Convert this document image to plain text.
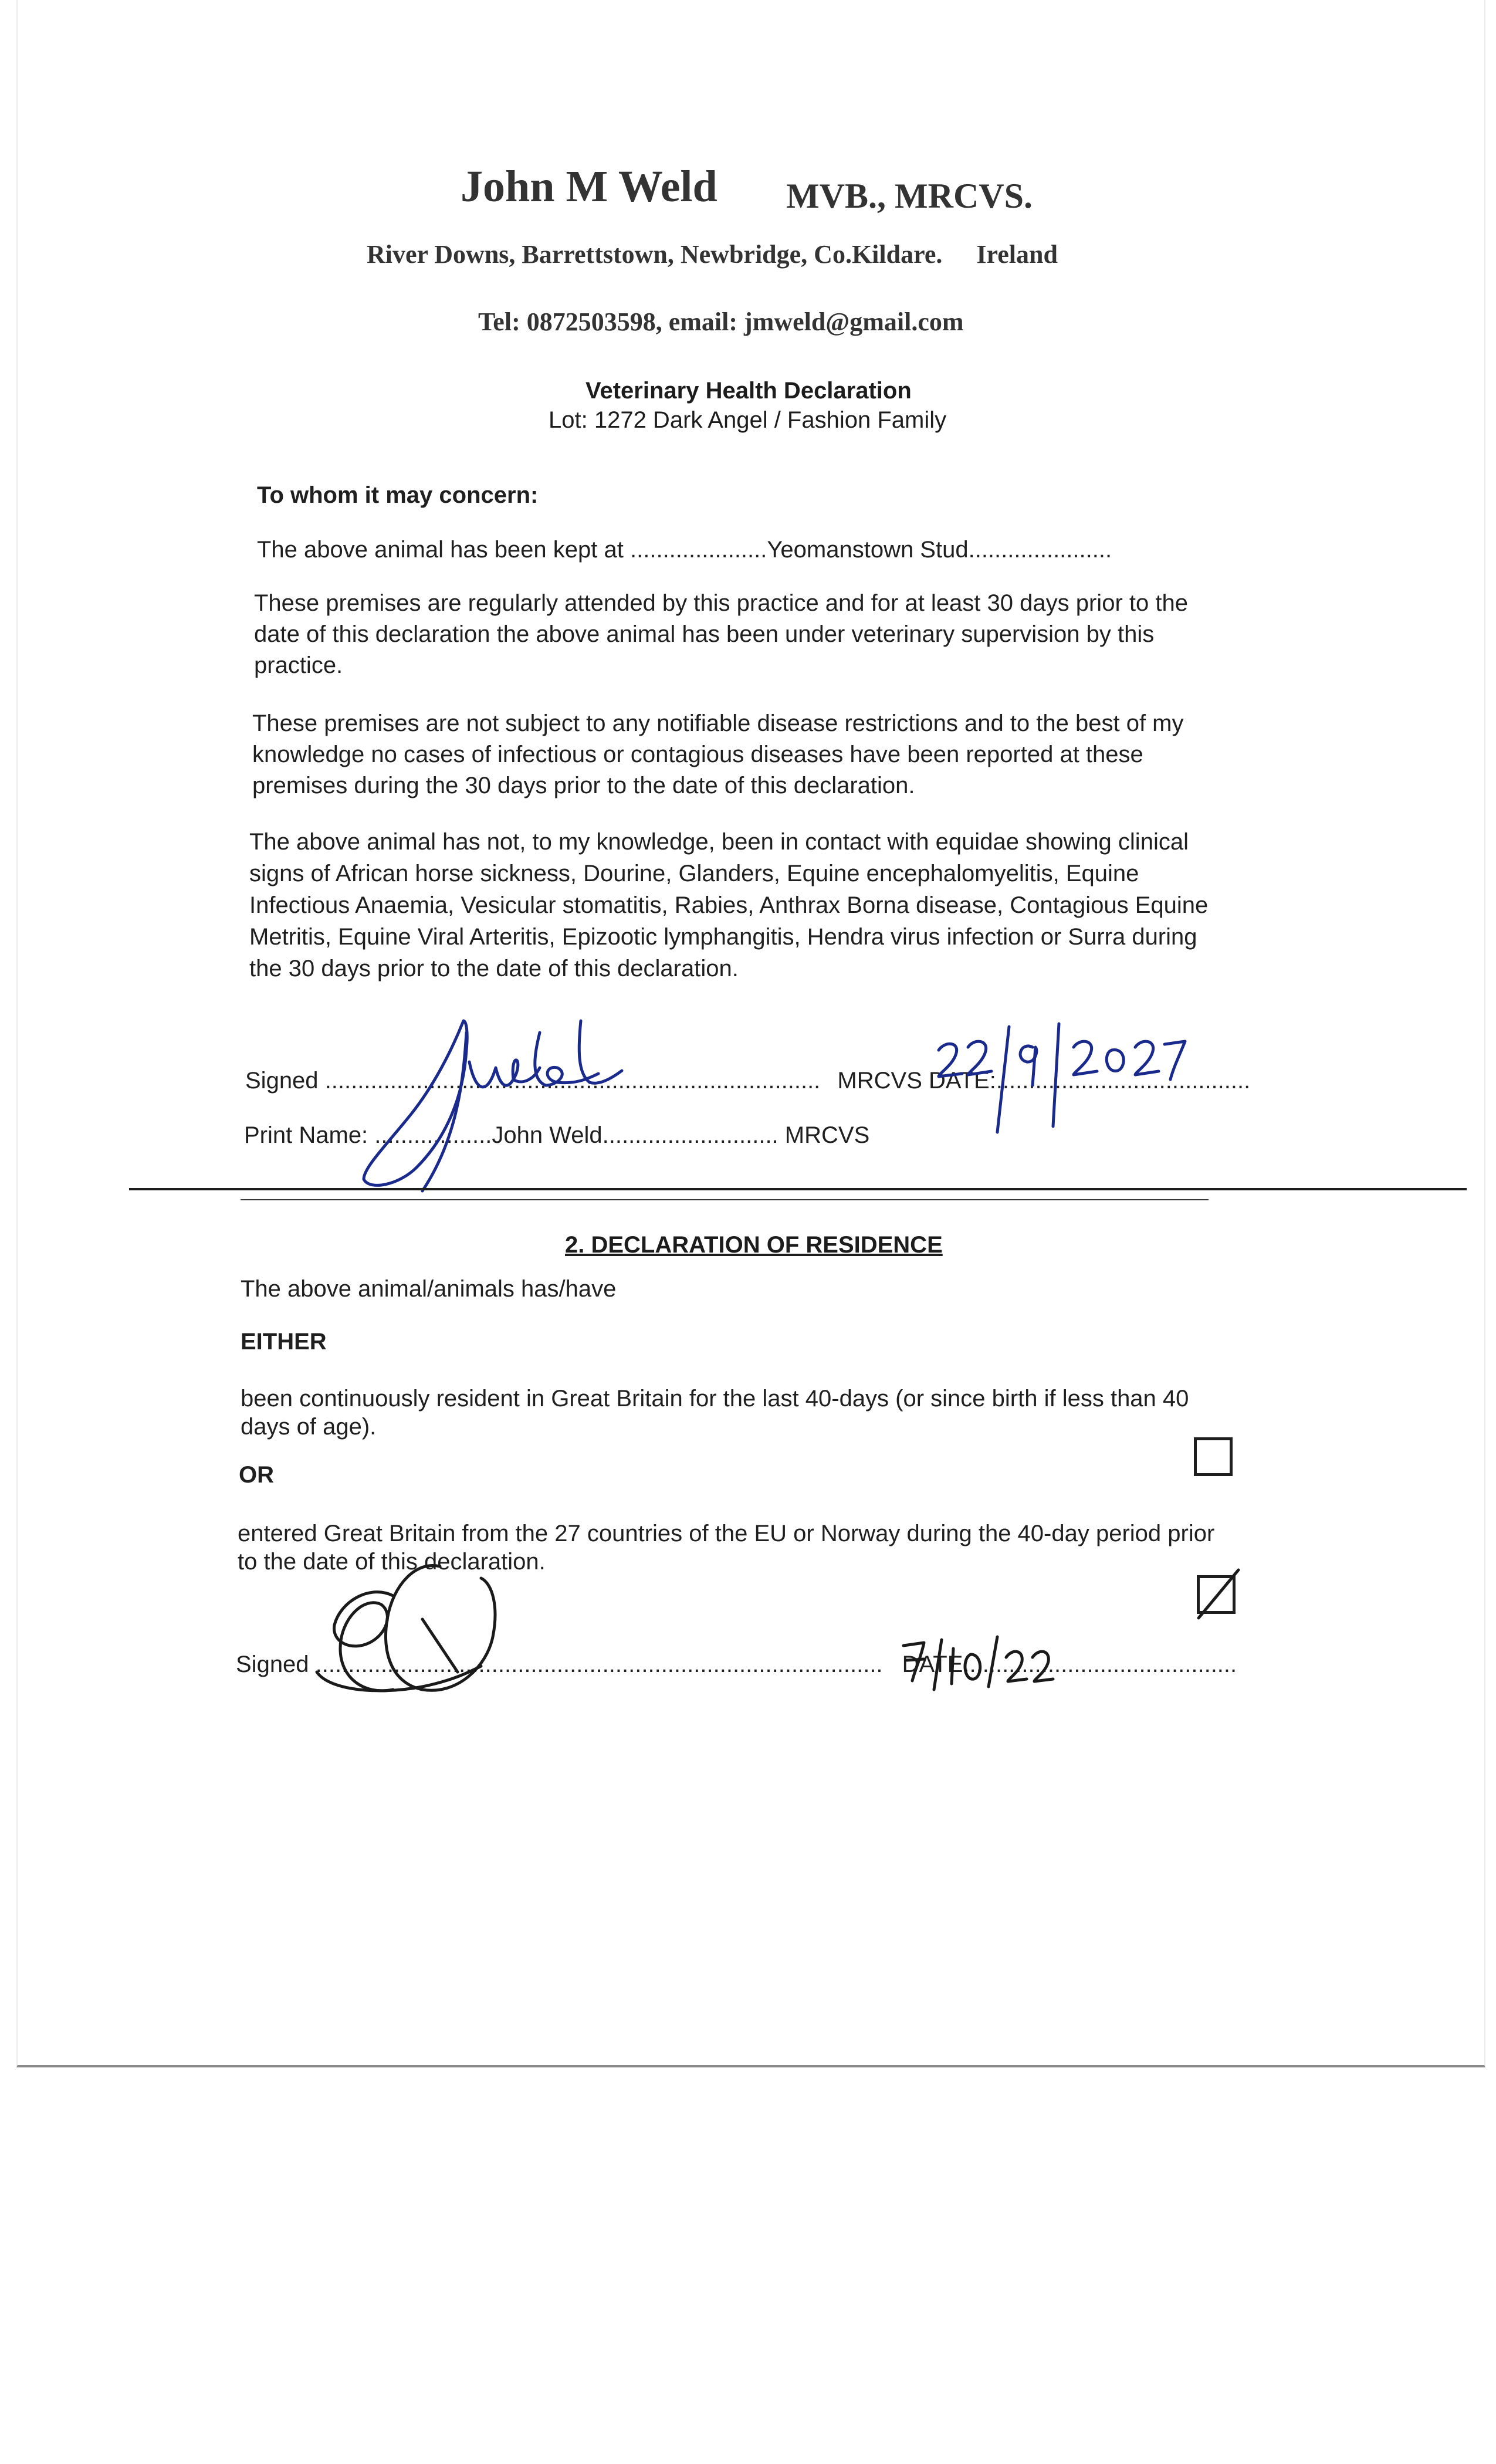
John M Weld MVB., MRCVS.
River Downs, Barrettstown, Newbridge, Co.Kildare. Ireland
Tel: 0872503598, email: jmweld@gmail.com
Veterinary Health Declaration
Lot: 1272 Dark Angel / Fashion Family
To whom it may concern:
The above animal has been kept at .....................Yeomanstown Stud......................

These premises are regularly attended by this practice and for at least 30 days prior to the date of this declaration the above animal has been under veterinary supervision by this practice.

These premises are not subject to any notifiable disease restrictions and to the best of my knowledge no cases of infectious or contagious diseases have been reported at these premises during the 30 days prior to the date of this declaration.

The above animal has not, to my knowledge, been in contact with equidae showing clinical signs of African horse sickness, Dourine, Glanders, Equine encephalomyelitis, Equine Infectious Anaemia, Vesicular stomatitis, Rabies, Anthrax Borna disease, Contagious Equine Metritis, Equine Viral Arteritis, Epizootic lymphangitis, Hendra virus infection or Surra during the 30 days prior to the date of this declaration.

Signed ............................................................................ MRCVS DATE:.......................................
Print Name: ..................John Weld........................... MRCVS
2. DECLARATION OF RESIDENCE
The above animal/animals has/have
EITHER

been continuously resident in Great Britain for the last 40-days (or since birth if less than 40 days of age).

OR

entered Great Britain from the 27 countries of the EU or Norway during the 40-day period prior to the date of this declaration.

Signed ....................................................................................... DATE:.........................................
